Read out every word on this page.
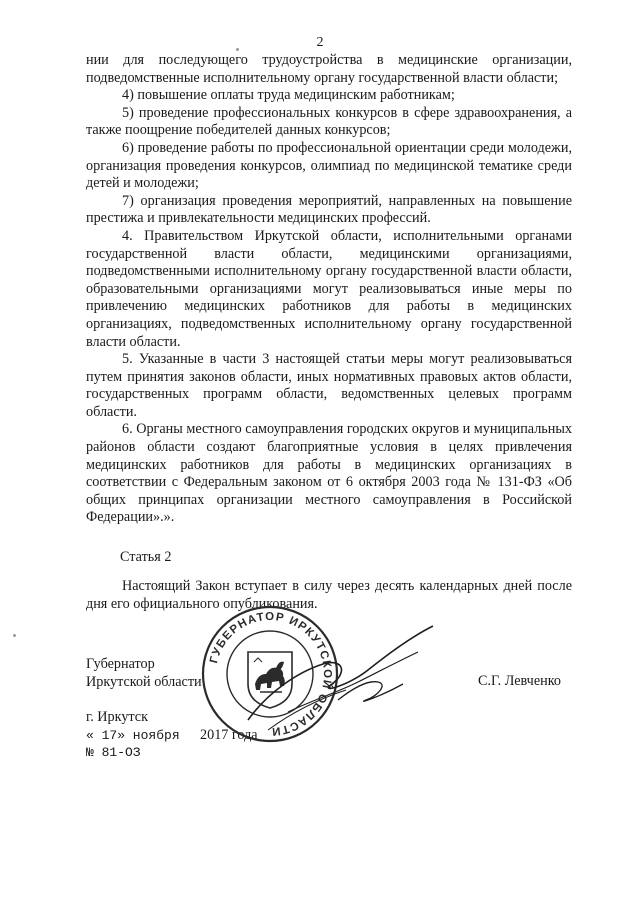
2

нии для последующего трудоустройства в медицинские организации, подведомственные исполнительному органу государственной власти области;

4) повышение оплаты труда медицинским работникам;

5) проведение профессиональных конкурсов в сфере здравоохранения, а также поощрение победителей данных конкурсов;

6) проведение работы по профессиональной ориентации среди молодежи, организация проведения конкурсов, олимпиад по медицинской тематике среди детей и молодежи;

7) организация проведения мероприятий, направленных на повышение престижа и привлекательности медицинских профессий.

4. Правительством Иркутской области, исполнительными органами государственной власти области, медицинскими организациями, подведомственными исполнительному органу государственной власти области, образовательными организациями могут реализовываться иные меры по привлечению медицинских работников для работы в медицинских организациях, подведомственных исполнительному органу государственной власти области.

5. Указанные в части 3 настоящей статьи меры могут реализовываться путем принятия законов области, иных нормативных правовых актов области, государственных программ области, ведомственных целевых программ области.

6. Органы местного самоуправления городских округов и муниципальных районов области создают благоприятные условия в целях привлечения медицинских работников для работы в медицинских организациях в соответствии с Федеральным законом от 6 октября 2003 года № 131-ФЗ «Об общих принципах организации местного самоуправления в Российской Федерации».».

Статья 2

Настоящий Закон вступает в силу через десять календарных дней после дня его официального опубликования.

Губернатор
Иркутской области	С.Г. Левченко
г. Иркутск
« 17» ноября 2017 года
№ 81-ОЗ
ГУБЕРНАТОР ИРКУТСКОЙ ОБЛАСТИ
